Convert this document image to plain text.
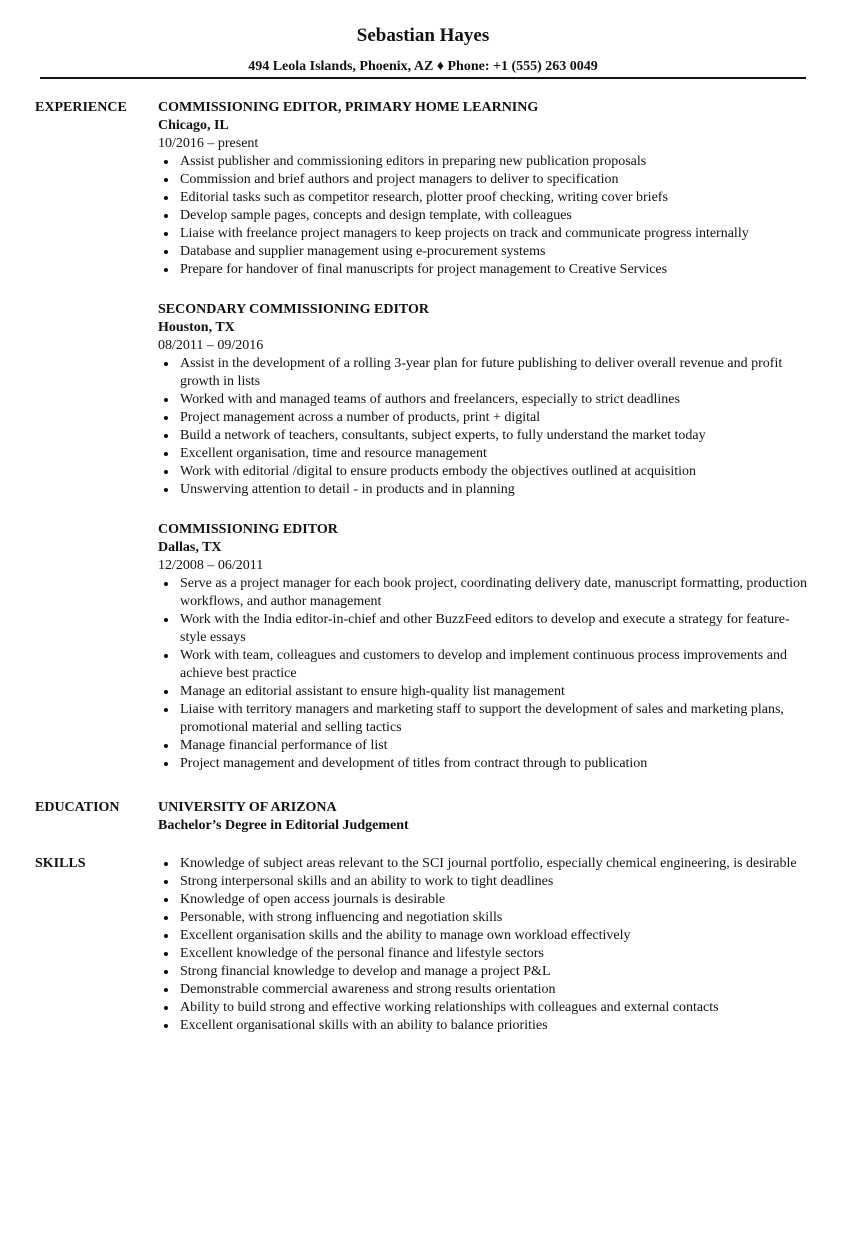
Sebastian Hayes
494 Leola Islands, Phoenix, AZ ♦ Phone: +1 (555) 263 0049
EXPERIENCE COMMISSIONING EDITOR, PRIMARY HOME LEARNING
Chicago, IL
10/2016 – present
Assist publisher and commissioning editors in preparing new publication proposals
Commission and brief authors and project managers to deliver to specification
Editorial tasks such as competitor research, plotter proof checking, writing cover briefs
Develop sample pages, concepts and design template, with colleagues
Liaise with freelance project managers to keep projects on track and communicate progress internally
Database and supplier management using e-procurement systems
Prepare for handover of final manuscripts for project management to Creative Services
SECONDARY COMMISSIONING EDITOR
Houston, TX
08/2011 – 09/2016
Assist in the development of a rolling 3-year plan for future publishing to deliver overall revenue and profit growth in lists
Worked with and managed teams of authors and freelancers, especially to strict deadlines
Project management across a number of products, print + digital
Build a network of teachers, consultants, subject experts, to fully understand the market today
Excellent organisation, time and resource management
Work with editorial /digital to ensure products embody the objectives outlined at acquisition
Unswerving attention to detail - in products and in planning
COMMISSIONING EDITOR
Dallas, TX
12/2008 – 06/2011
Serve as a project manager for each book project, coordinating delivery date, manuscript formatting, production workflows, and author management
Work with the India editor-in-chief and other BuzzFeed editors to develop and execute a strategy for feature-style essays
Work with team, colleagues and customers to develop and implement continuous process improvements and achieve best practice
Manage an editorial assistant to ensure high-quality list management
Liaise with territory managers and marketing staff to support the development of sales and marketing plans, promotional material and selling tactics
Manage financial performance of list
Project management and development of titles from contract through to publication
EDUCATION	UNIVERSITY OF ARIZONA
Bachelor’s Degree in Editorial Judgement
SKILLS	Knowledge of subject areas relevant to the SCI journal portfolio, especially chemical engineering, is desirable
Strong interpersonal skills and an ability to work to tight deadlines
Knowledge of open access journals is desirable
Personable, with strong influencing and negotiation skills
Excellent organisation skills and the ability to manage own workload effectively
Excellent knowledge of the personal finance and lifestyle sectors
Strong financial knowledge to develop and manage a project P&L
Demonstrable commercial awareness and strong results orientation
Ability to build strong and effective working relationships with colleagues and external contacts
Excellent organisational skills with an ability to balance priorities
